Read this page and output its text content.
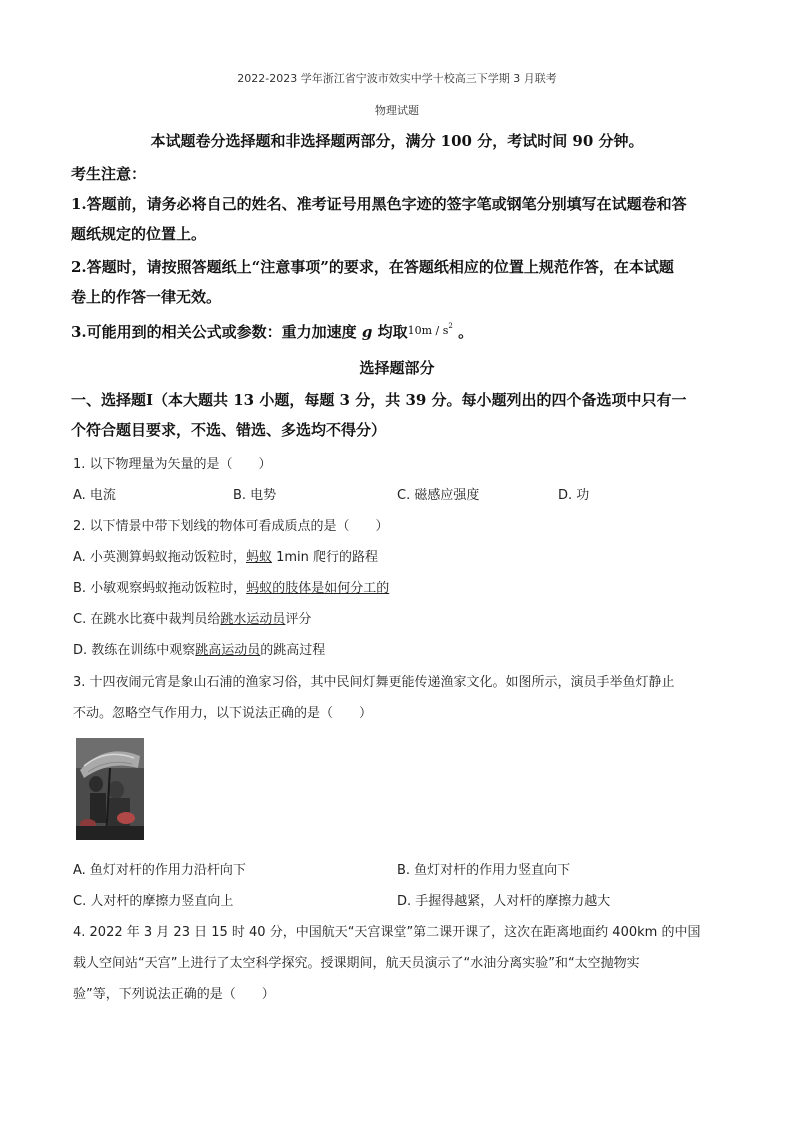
2022-2023 学年浙江省宁波市效实中学十校高三下学期 3 月联考
物理试题
本试题卷分选择题和非选择题两部分，满分 100 分，考试时间 90 分钟。
考生注意：
1.答题前，请务必将自己的姓名、准考证号用黑色字迹的签字笔或钢笔分别填写在试题卷和答
题纸规定的位置上。
2.答题时，请按照答题纸上“注意事项”的要求，在答题纸相应的位置上规范作答，在本试题
卷上的作答一律无效。
3.可能用到的相关公式或参数：重力加速度 g 均取$^{10m / s2}$ 。
选择题部分
一、选择题Ⅰ（本大题共 13 小题，每题 3 分，共 39 分。每小题列出的四个备选项中只有一
个符合题目要求，不选、错选、多选均不得分）
1. 以下物理量为矢量的是（　　）
A. 电流	B. 电势	C. 磁感应强度	D. 功
2. 以下情景中带下划线的物体可看成质点的是（　　）
A. 小英测算蚂蚁拖动饭粒时，蚂蚁 1min 爬行的路程
B. 小敏观察蚂蚁拖动饭粒时，蚂蚁的肢体是如何分工的
C. 在跳水比赛中裁判员给跳水运动员评分
D. 教练在训练中观察跳高运动员的跳高过程
3. 十四夜闹元宵是象山石浦的渔家习俗，其中民间灯舞更能传递渔家文化。如图所示，演员手举鱼灯静止
不动。忽略空气作用力，以下说法正确的是（　　）
A. 鱼灯对杆的作用力沿杆向下	B. 鱼灯对杆的作用力竖直向下
C. 人对杆的摩擦力竖直向上	D. 手握得越紧，人对杆的摩擦力越大
4. 2022 年 3 月 23 日 15 时 40 分，中国航天“天宫课堂”第二课开课了，这次在距离地面约 400km 的中国
载人空间站“天宫”上进行了太空科学探究。授课期间，航天员演示了“水油分离实验”和“太空抛物实
验”等，下列说法正确的是（　　）
